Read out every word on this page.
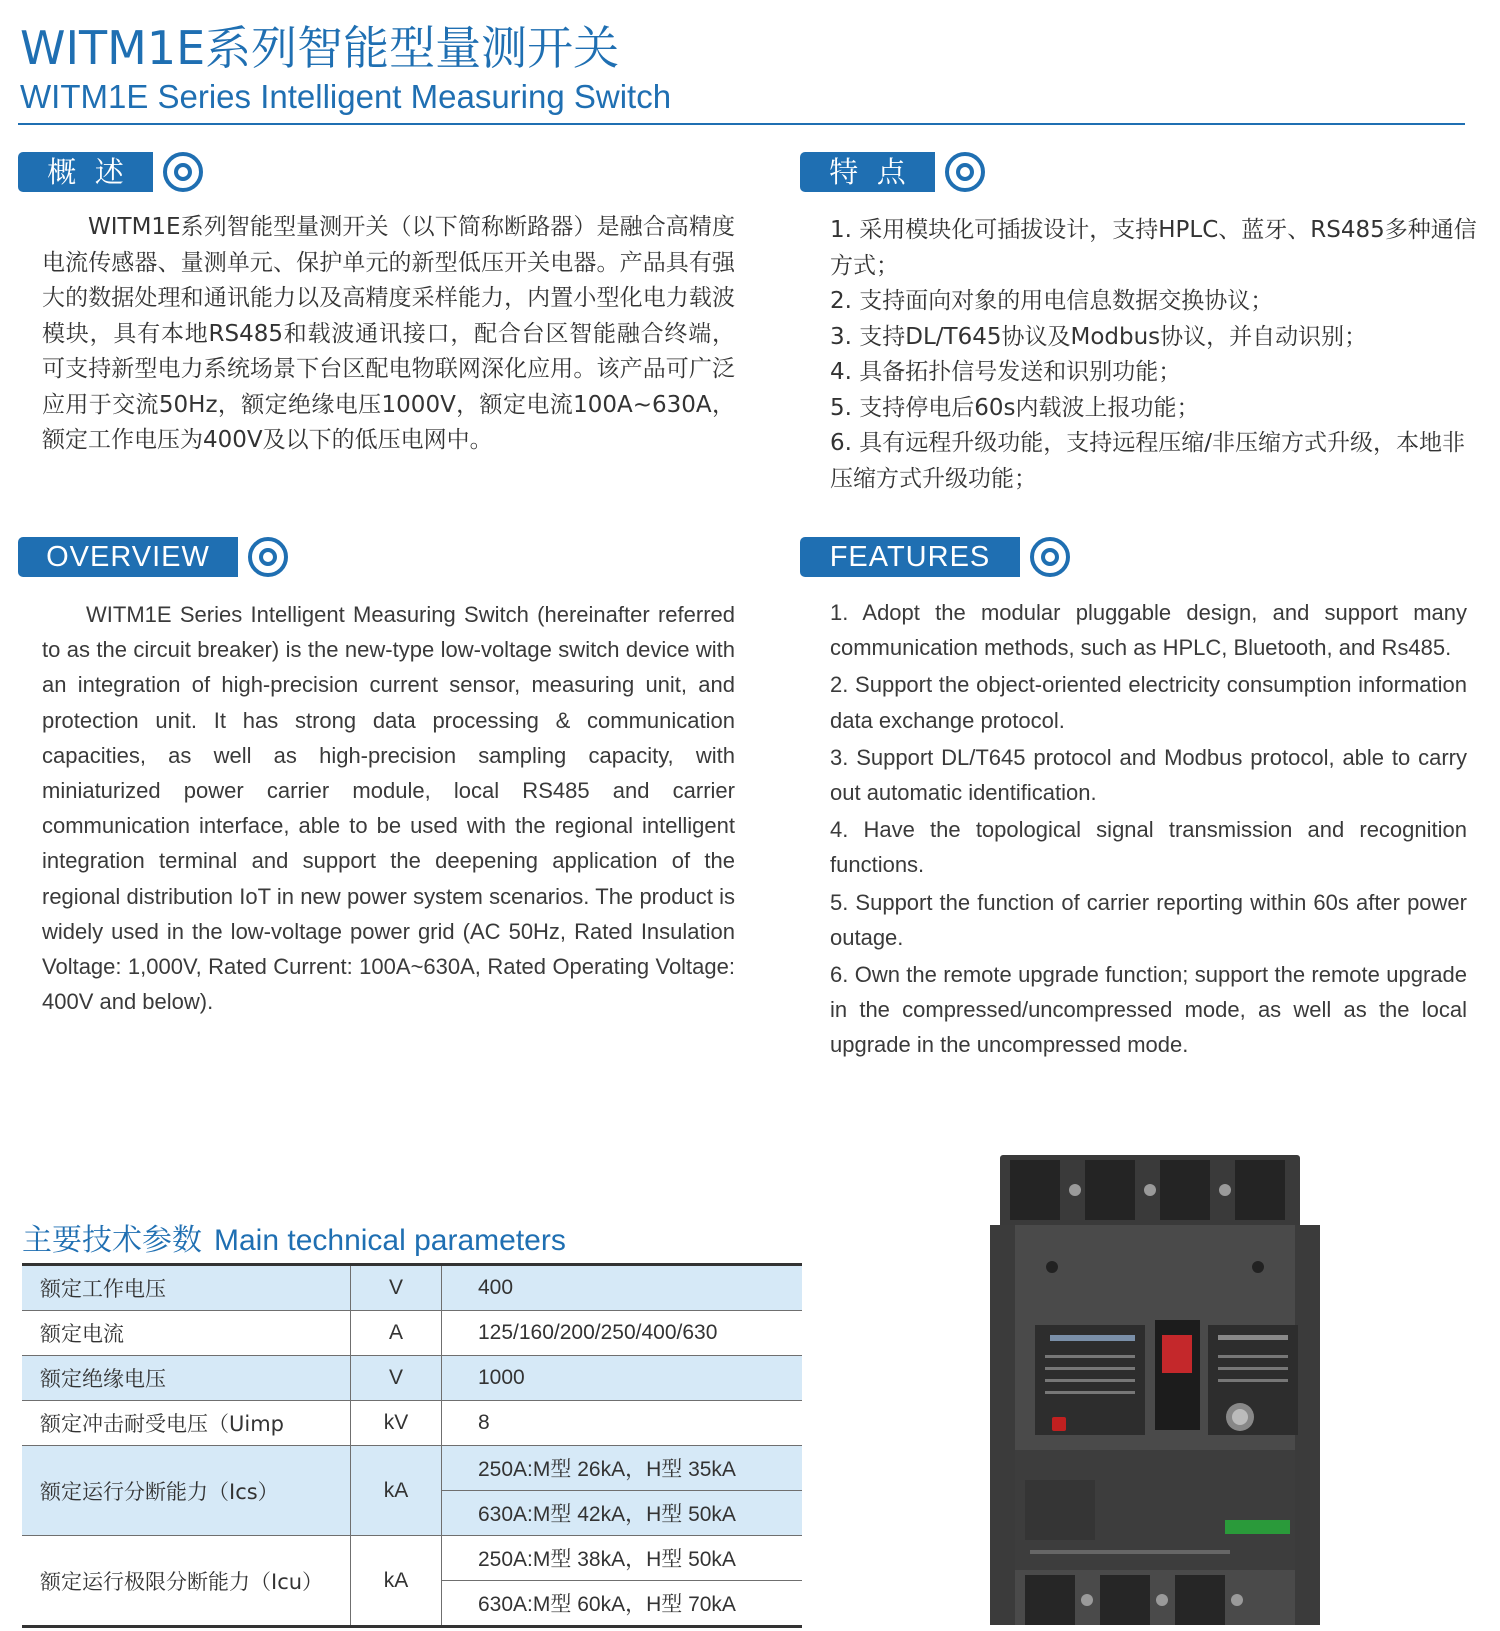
WITM1E系列智能型量测开关
WITM1E Series Intelligent Measuring Switch
概  述

WITM1E系列智能型量测开关（以下简称断路器）是融合高精度电流传感器、量测单元、保护单元的新型低压开关电器。产品具有强大的数据处理和通讯能力以及高精度采样能力，内置小型化电力载波模块，具有本地RS485和载波通讯接口，配合台区智能融合终端，可支持新型电力系统场景下台区配电物联网深化应用。该产品可广泛应用于交流50Hz，额定绝缘电压1000V，额定电流100A~630A，额定工作电压为400V及以下的低压电网中。

特  点
1. 采用模块化可插拔设计，支持HPLC、蓝牙、RS485多种通信方式；
2. 支持面向对象的用电信息数据交换协议；
3. 支持DL/T645协议及Modbus协议，并自动识别；
4. 具备拓扑信号发送和识别功能；
5. 支持停电后60s内载波上报功能；
6. 具有远程升级功能，支持远程压缩/非压缩方式升级，本地非压缩方式升级功能；
OVERVIEW

WITM1E Series Intelligent Measuring Switch (hereinafter referred to as the circuit breaker) is the new-type low-voltage switch device with an integration of high-precision current sensor, measuring unit, and protection unit. It has strong data processing & communication capacities, as well as high-precision sampling capacity, with miniaturized power carrier module, local RS485 and carrier communication interface, able to be used with the regional intelligent integration terminal and support the deepening application of the regional distribution IoT in new power system scenarios. The product is widely used in the low-voltage power grid (AC 50Hz, Rated Insulation Voltage: 1,000V, Rated Current: 100A~630A, Rated Operating Voltage: 400V and below).

FEATURES
1. Adopt the modular pluggable design, and support many communication methods, such as HPLC, Bluetooth, and Rs485.
2. Support the object-oriented electricity consumption information data exchange protocol.
3. Support DL/T645 protocol and Modbus protocol, able to carry out automatic identification.
4. Have the topological signal transmission and recognition functions.
5. Support the function of carrier reporting within 60s after power outage.
6. Own the remote upgrade function; support the remote upgrade in the compressed/uncompressed mode, as well as the local upgrade in the uncompressed mode.
主要技术参数 Main technical parameters
额定工作电压	V	400
额定电流	A	125/160/200/250/400/630
额定绝缘电压	V	1000
额定冲击耐受电压（Uimp	kV	8
额定运行分断能力（Ics）	kA	250A:M型 26kA，H型 35kA
		630A:M型 42kA，H型 50kA
额定运行极限分断能力（Icu）	kA	250A:M型 38kA，H型 50kA
		630A:M型 60kA，H型 70kA
